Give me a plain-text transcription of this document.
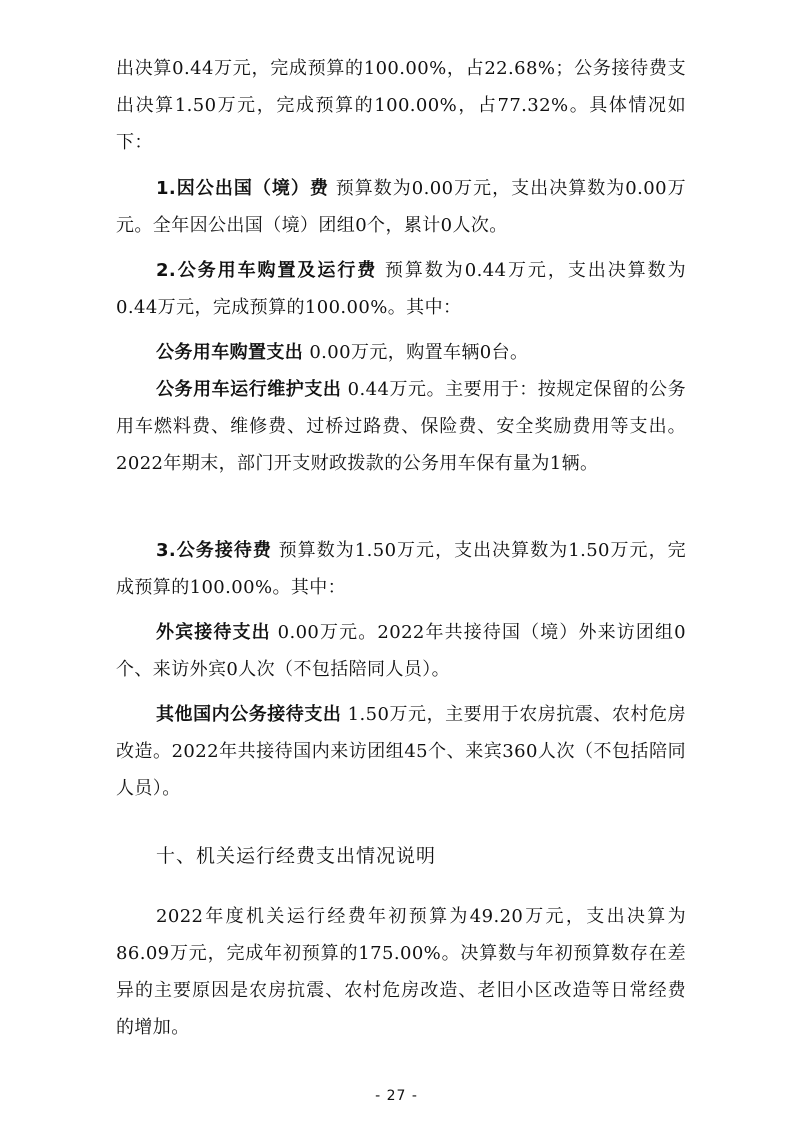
出决算0.44万元，完成预算的100.00%，占22.68%；公务接待费支出决算1.50万元，完成预算的100.00%，占77.32%。具体情况如下：

1.因公出国（境）费 预算数为0.00万元，支出决算数为0.00万元。全年因公出国（境）团组0个，累计0人次。

2.公务用车购置及运行费 预算数为0.44万元，支出决算数为0.44万元，完成预算的100.00%。其中：

公务用车购置支出 0.00万元，购置车辆0台。

公务用车运行维护支出 0.44万元。主要用于：按规定保留的公务用车燃料费、维修费、过桥过路费、保险费、安全奖励费用等支出。2022年期末，部门开支财政拨款的公务用车保有量为1辆。

3.公务接待费 预算数为1.50万元，支出决算数为1.50万元，完成预算的100.00%。其中：

外宾接待支出 0.00万元。2022年共接待国（境）外来访团组0个、来访外宾0人次（不包括陪同人员）。

其他国内公务接待支出 1.50万元，主要用于农房抗震、农村危房改造。2022年共接待国内来访团组45个、来宾360人次（不包括陪同人员）。

十、机关运行经费支出情况说明

2022年度机关运行经费年初预算为49.20万元，支出决算为86.09万元，完成年初预算的175.00%。决算数与年初预算数存在差异的主要原因是农房抗震、农村危房改造、老旧小区改造等日常经费的增加。

- 27 -
